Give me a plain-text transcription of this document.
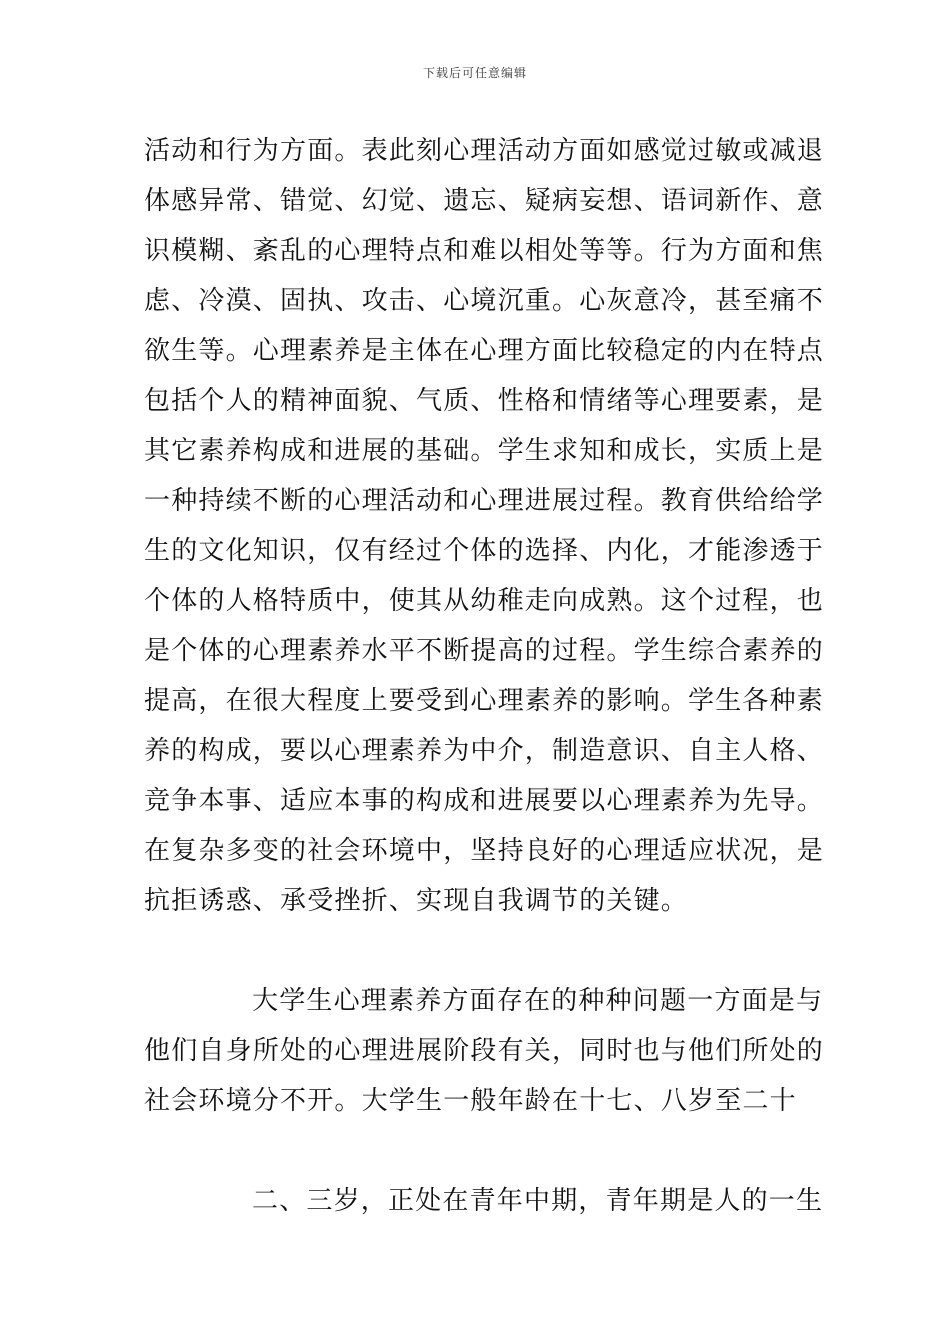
下载后可任意编辑
活动和行为方面。表此刻心理活动方面如感觉过敏或减退
体感异常、错觉、幻觉、遗忘、疑病妄想、语词新作、意
识模糊、紊乱的心理特点和难以相处等等。行为方面和焦
虑、冷漠、固执、攻击、心境沉重。心灰意冷，甚至痛不
欲生等。心理素养是主体在心理方面比较稳定的内在特点
包括个人的精神面貌、气质、性格和情绪等心理要素，是
其它素养构成和进展的基础。学生求知和成长，实质上是
一种持续不断的心理活动和心理进展过程。教育供给给学
生的文化知识，仅有经过个体的选择、内化，才能渗透于
个体的人格特质中，使其从幼稚走向成熟。这个过程，也
是个体的心理素养水平不断提高的过程。学生综合素养的
提高，在很大程度上要受到心理素养的影响。学生各种素
养的构成，要以心理素养为中介，制造意识、自主人格、
竞争本事、适应本事的构成和进展要以心理素养为先导。
在复杂多变的社会环境中，坚持良好的心理适应状况，是
抗拒诱惑、承受挫折、实现自我调节的关键。
大学生心理素养方面存在的种种问题一方面是与
他们自身所处的心理进展阶段有关，同时也与他们所处的
社会环境分不开。大学生一般年龄在十七、八岁至二十
二、三岁，正处在青年中期，青年期是人的一生
